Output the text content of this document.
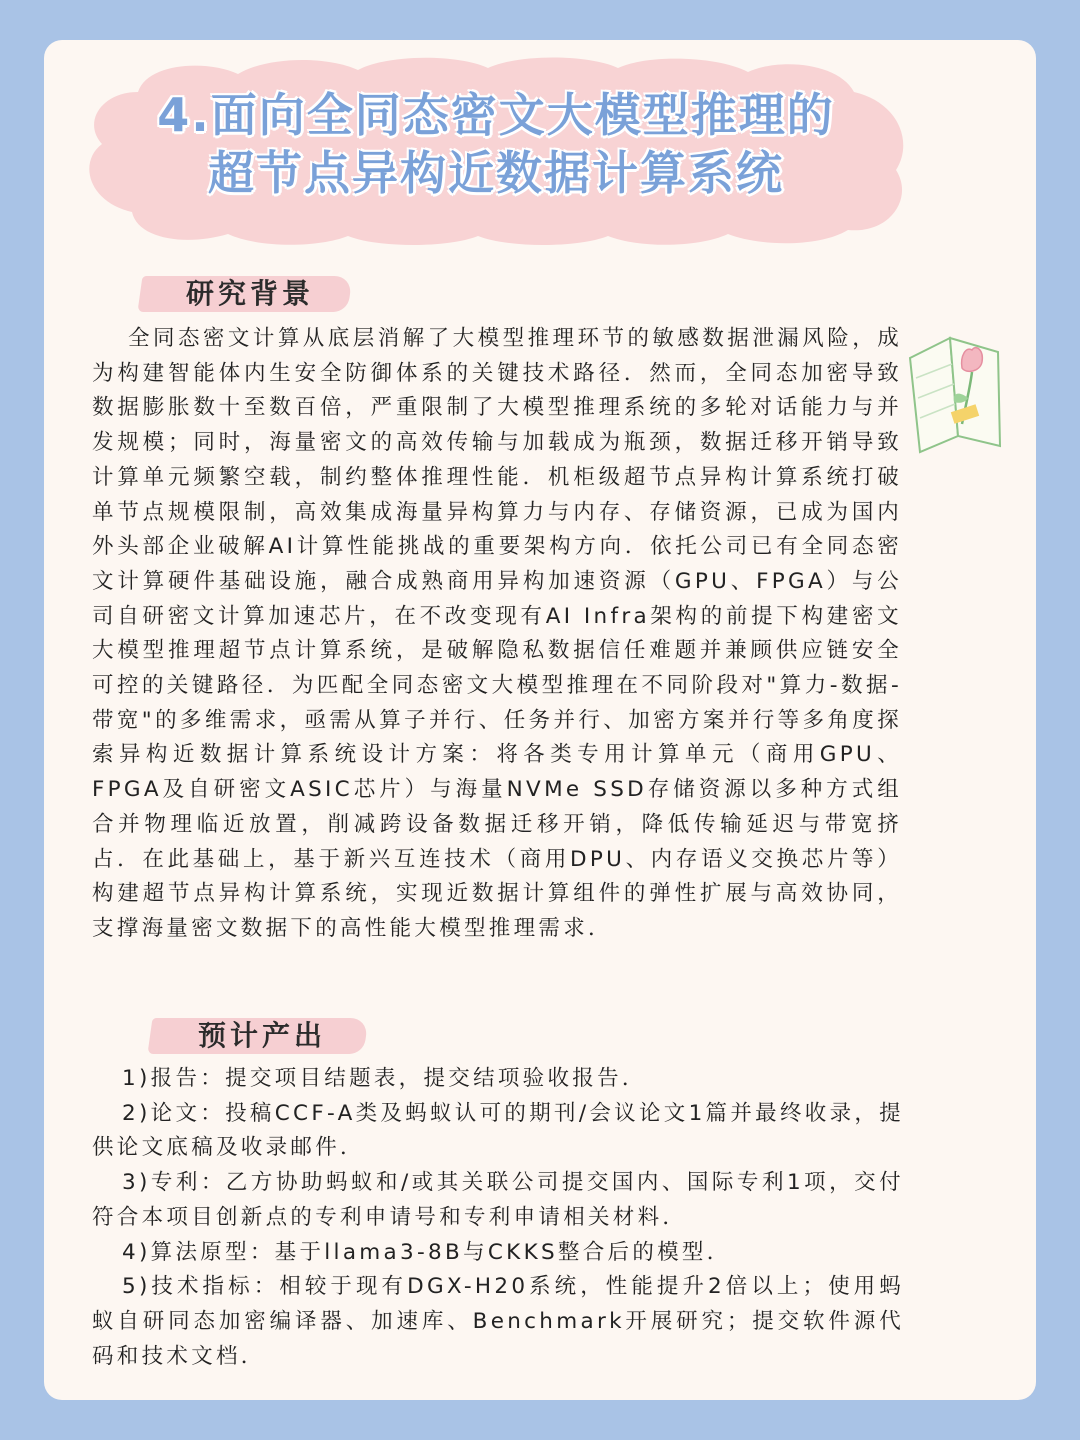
4.面向全同态密文大模型推理的
超节点异构近数据计算系统
研究背景

全同态密文计算从底层消解了大模型推理环节的敏感数据泄漏风险，成为构建智能体内生安全防御体系的关键技术路径．然而，全同态加密导致数据膨胀数十至数百倍，严重限制了大模型推理系统的多轮对话能力与并发规模；同时，海量密文的高效传输与加载成为瓶颈，数据迁移开销导致计算单元频繁空载，制约整体推理性能．机柜级超节点异构计算系统打破单节点规模限制，高效集成海量异构算力与内存、存储资源，已成为国内外头部企业破解AI计算性能挑战的重要架构方向．依托公司已有全同态密文计算硬件基础设施，融合成熟商用异构加速资源（GPU、FPGA）与公司自研密文计算加速芯片，在不改变现有AI Infra架构的前提下构建密文大模型推理超节点计算系统，是破解隐私数据信任难题并兼顾供应链安全可控的关键路径．为匹配全同态密文大模型推理在不同阶段对"算力-数据-带宽"的多维需求，亟需从算子并行、任务并行、加密方案并行等多角度探索异构近数据计算系统设计方案：将各类专用计算单元（商用GPU、FPGA及自研密文ASIC芯片）与海量NVMe SSD存储资源以多种方式组合并物理临近放置，削减跨设备数据迁移开销，降低传输延迟与带宽挤占．在此基础上，基于新兴互连技术（商用DPU、内存语义交换芯片等）构建超节点异构计算系统，实现近数据计算组件的弹性扩展与高效协同，支撑海量密文数据下的高性能大模型推理需求．

预计产出

1)报告：提交项目结题表，提交结项验收报告．

2)论文：投稿CCF-A类及蚂蚁认可的期刊/会议论文1篇并最终收录，提供论文底稿及收录邮件．

3)专利：乙方协助蚂蚁和/或其关联公司提交国内、国际专利1项，交付符合本项目创新点的专利申请号和专利申请相关材料．

4)算法原型：基于llama3-8B与CKKS整合后的模型．

5)技术指标：相较于现有DGX-H20系统，性能提升2倍以上；使用蚂蚁自研同态加密编译器、加速库、Benchmark开展研究；提交软件源代码和技术文档．
